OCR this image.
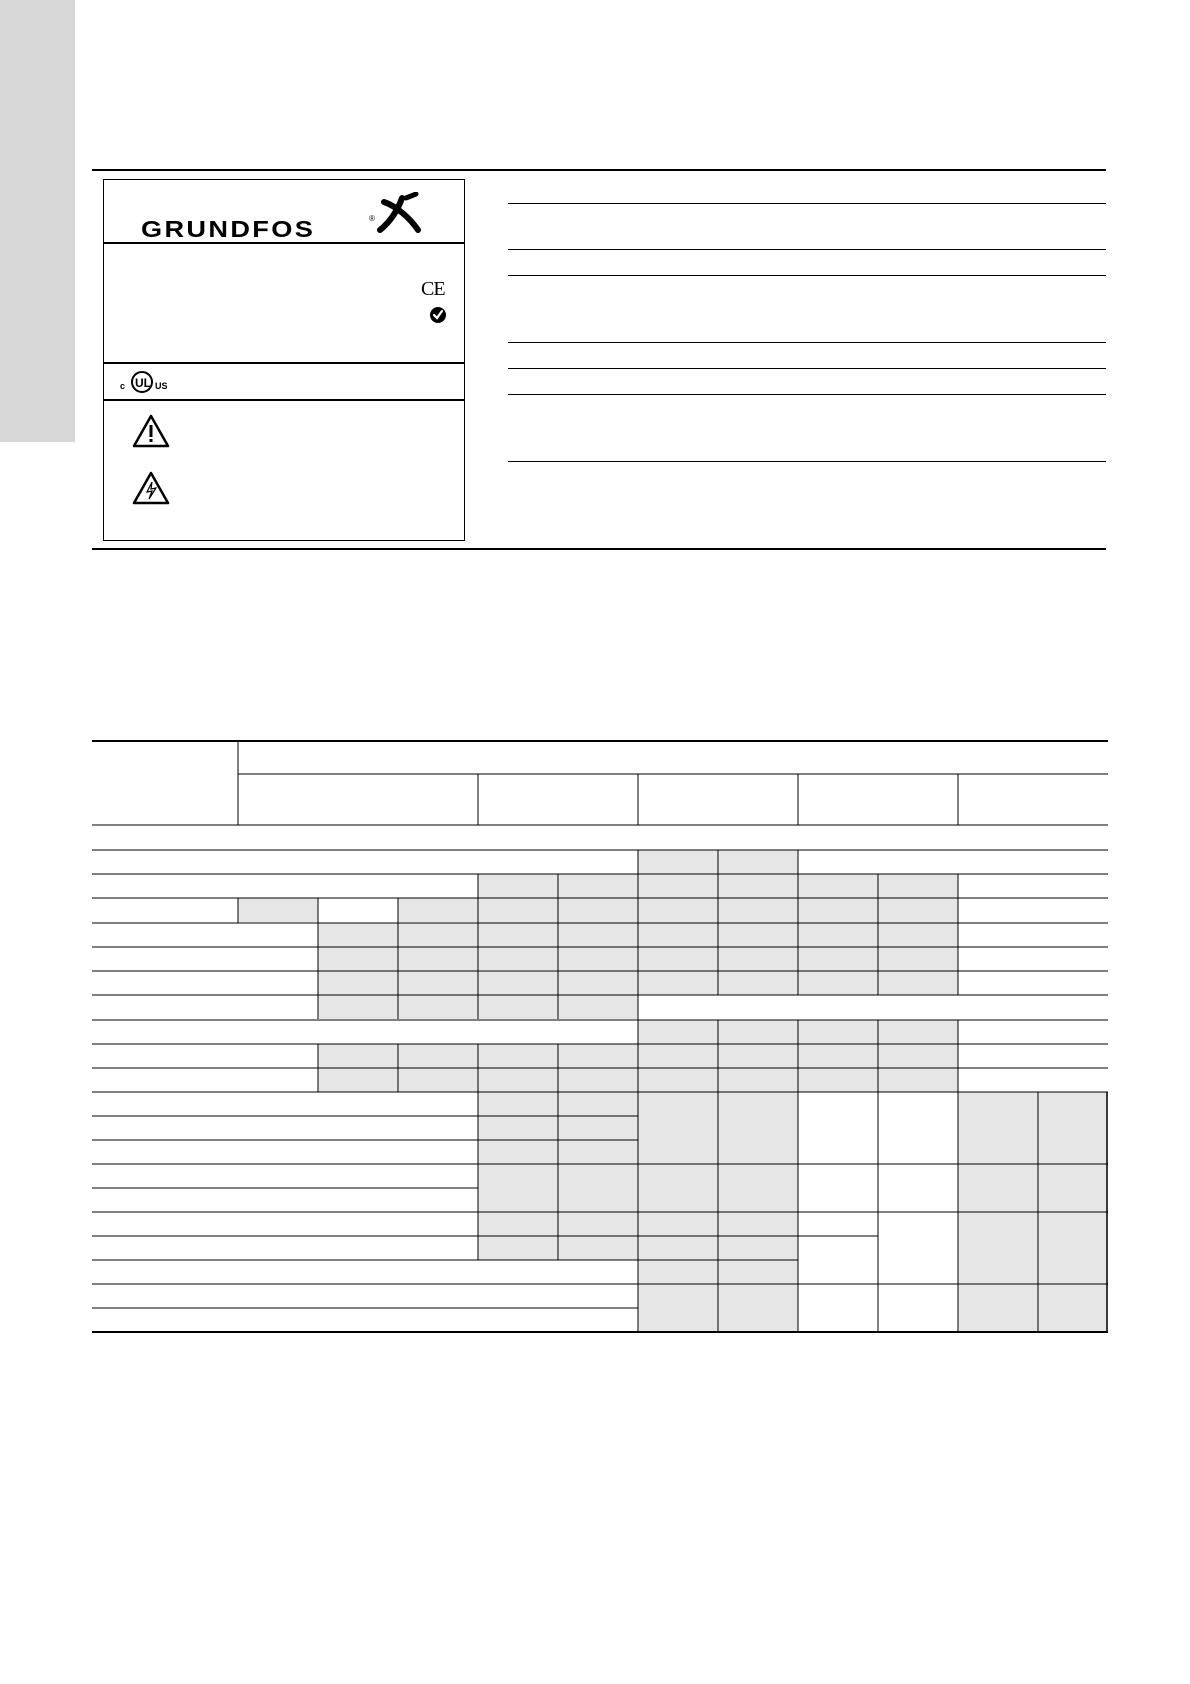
GRUNDFOS	®
CE
c UL US
